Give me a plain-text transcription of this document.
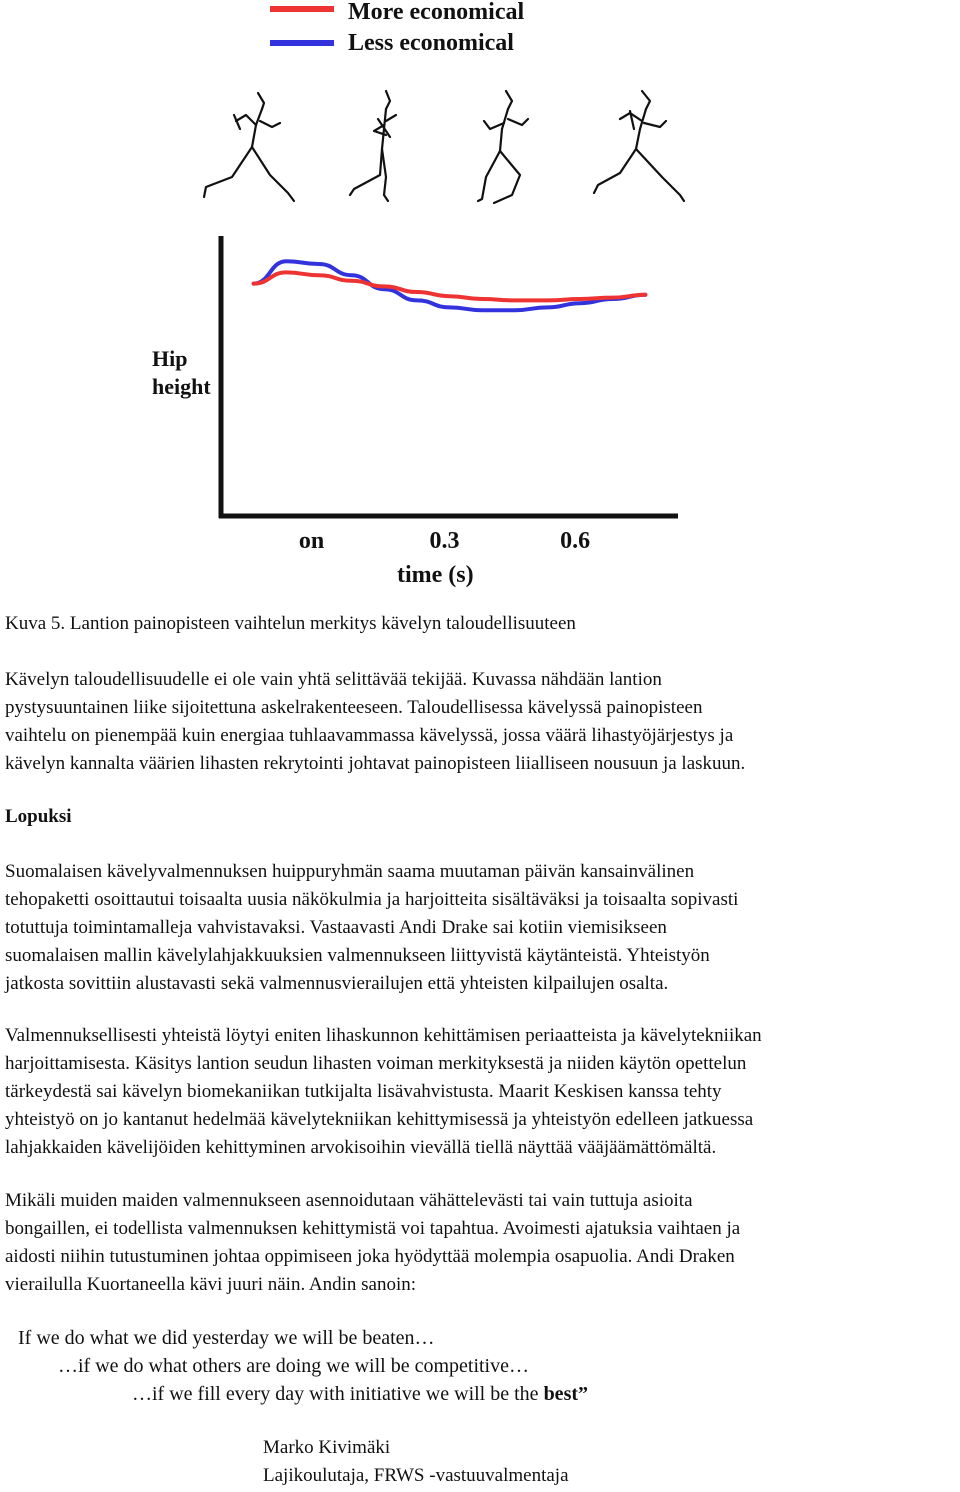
More economical
Less economical
Hip
height
on	0.3	0.6
time (s)

Kuva 5. Lantion painopisteen vaihtelun merkitys kävelyn taloudellisuuteen

Kävelyn taloudellisuudelle ei ole vain yhtä selittävää tekijää. Kuvassa nähdään lantion
pystysuuntainen liike sijoitettuna askelrakenteeseen. Taloudellisessa kävelyssä painopisteen
vaihtelu on pienempää kuin energiaa tuhlaavammassa kävelyssä, jossa väärä lihastyöjärjestys ja
kävelyn kannalta väärien lihasten rekrytointi johtavat painopisteen liialliseen nousuun ja laskuun.

Lopuksi

Suomalaisen kävelyvalmennuksen huippuryhmän saama muutaman päivän kansainvälinen
tehopaketti osoittautui toisaalta uusia näkökulmia ja harjoitteita sisältäväksi ja toisaalta sopivasti
totuttuja toimintamalleja vahvistavaksi. Vastaavasti Andi Drake sai kotiin viemisikseen
suomalaisen mallin kävelylahjakkuuksien valmennukseen liittyvistä käytänteistä. Yhteistyön
jatkosta sovittiin alustavasti sekä valmennusvierailujen että yhteisten kilpailujen osalta.

Valmennuksellisesti yhteistä löytyi eniten lihaskunnon kehittämisen periaatteista ja kävelytekniikan
harjoittamisesta. Käsitys lantion seudun lihasten voiman merkityksestä ja niiden käytön opettelun
tärkeydestä sai kävelyn biomekaniikan tutkijalta lisävahvistusta. Maarit Keskisen kanssa tehty
yhteistyö on jo kantanut hedelmää kävelytekniikan kehittymisessä ja yhteistyön edelleen jatkuessa
lahjakkaiden kävelijöiden kehittyminen arvokisoihin vievällä tiellä näyttää vääjäämättömältä.

Mikäli muiden maiden valmennukseen asennoidutaan vähättelevästi tai vain tuttuja asioita
bongaillen, ei todellista valmennuksen kehittymistä voi tapahtua. Avoimesti ajatuksia vaihtaen ja
aidosti niihin tutustuminen johtaa oppimiseen joka hyödyttää molempia osapuolia. Andi Draken
vierailulla Kuortaneella kävi juuri näin. Andin sanoin:

If we do what we did yesterday we will be beaten…
…if we do what others are doing we will be competitive…
…if we fill every day with initiative we will be the best”
Marko Kivimäki
Lajikoulutaja, FRWS -vastuuvalmentaja
